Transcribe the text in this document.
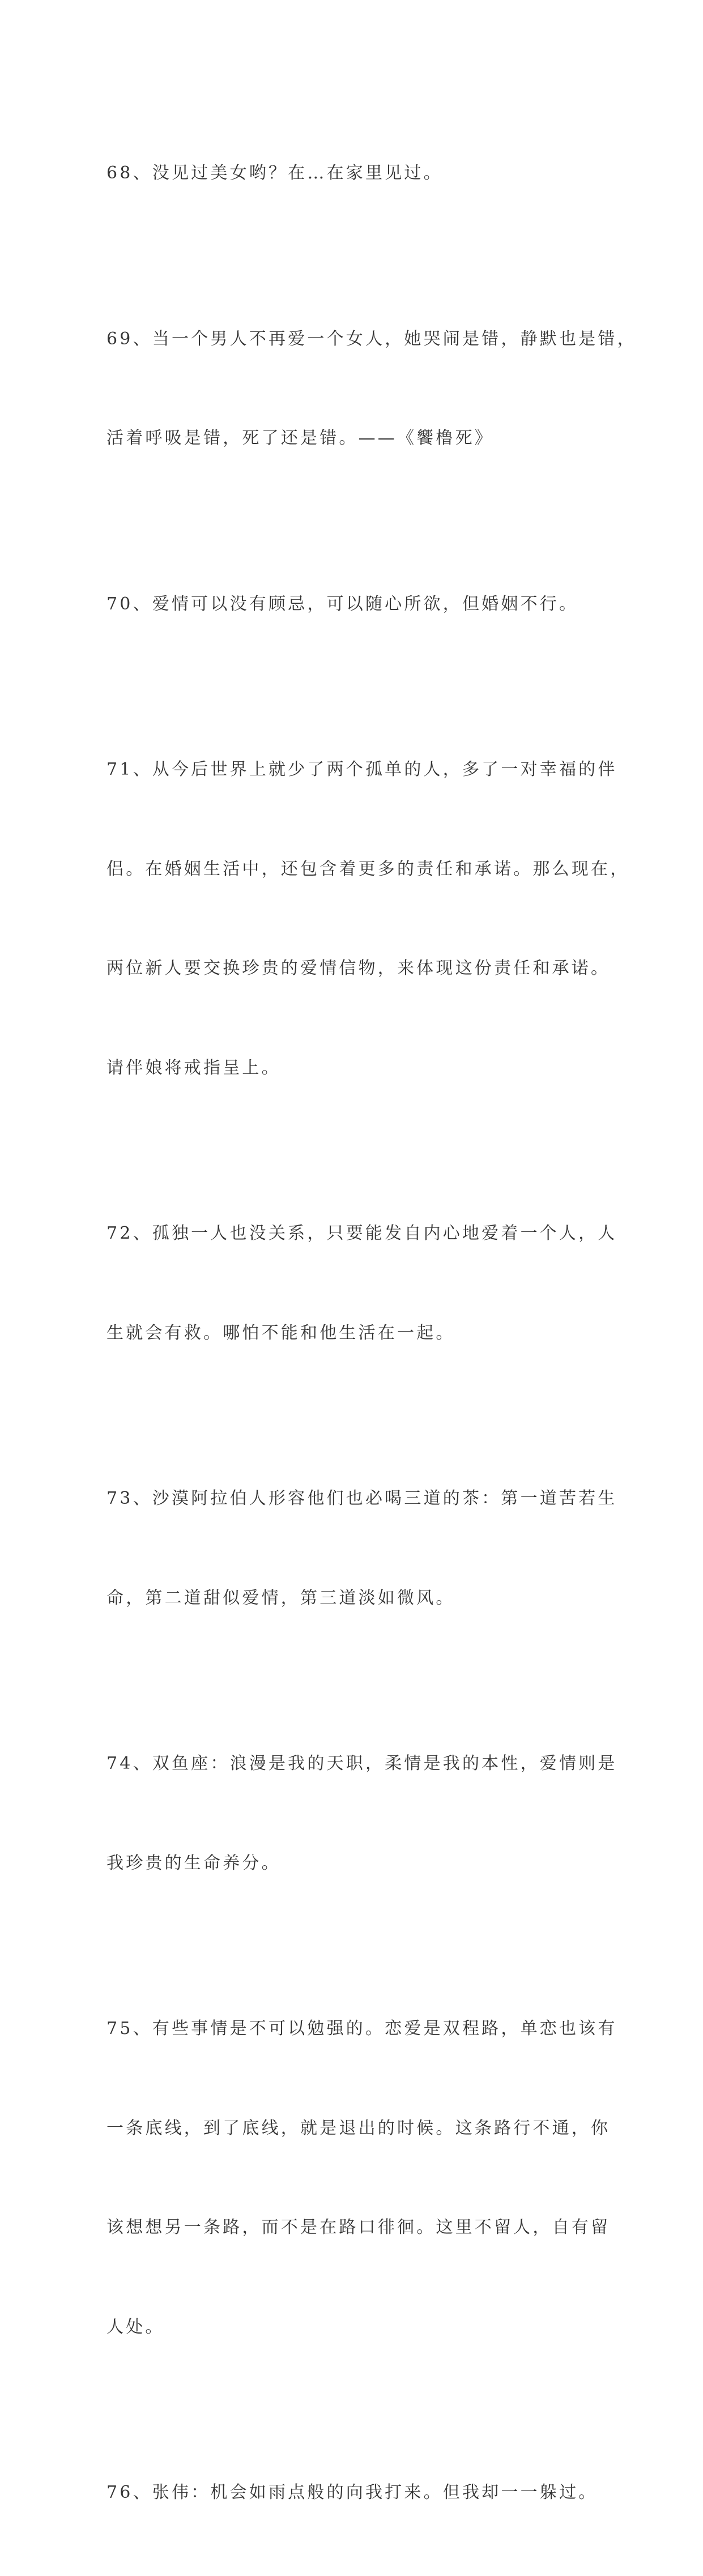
68、没见过美女哟？在…在家里见过。

69、当一个男人不再爱一个女人，她哭闹是错，静默也是错，

活着呼吸是错，死了还是错。——《饗橹死》

70、爱情可以没有顾忌，可以随心所欲，但婚姻不行。

71、从今后世界上就少了两个孤单的人，多了一对幸福的伴

侣。在婚姻生活中，还包含着更多的责任和承诺。那么现在，

两位新人要交换珍贵的爱情信物，来体现这份责任和承诺。

请伴娘将戒指呈上。

72、孤独一人也没关系，只要能发自内心地爱着一个人，人

生就会有救。哪怕不能和他生活在一起。

73、沙漠阿拉伯人形容他们也必喝三道的茶：第一道苦若生

命，第二道甜似爱情，第三道淡如微风。

74、双鱼座：浪漫是我的天职，柔情是我的本性，爱情则是

我珍贵的生命养分。

75、有些事情是不可以勉强的。恋爱是双程路，单恋也该有

一条底线，到了底线，就是退出的时候。这条路行不通，你

该想想另一条路，而不是在路口徘徊。这里不留人，自有留

人处。

76、张伟：机会如雨点般的向我打来。但我却一一躲过。
